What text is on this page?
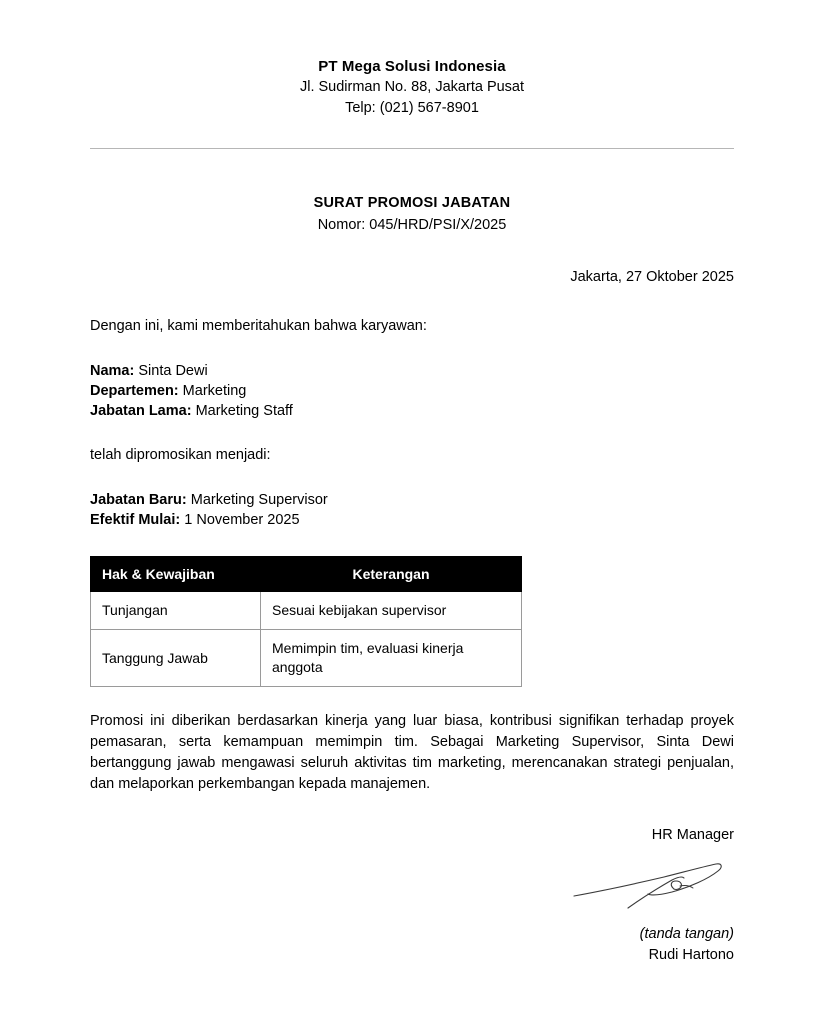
PT Mega Solusi Indonesia
Jl. Sudirman No. 88, Jakarta Pusat
Telp: (021) 567-8901
SURAT PROMOSI JABATAN
Nomor: 045/HRD/PSI/X/2025
Jakarta, 27 Oktober 2025
Dengan ini, kami memberitahukan bahwa karyawan:
Nama: Sinta Dewi
Departemen: Marketing
Jabatan Lama: Marketing Staff
telah dipromosikan menjadi:
Jabatan Baru: Marketing Supervisor
Efektif Mulai: 1 November 2025
Hak & Kewajiban	Keterangan
Tunjangan	Sesuai kebijakan supervisor
Tanggung Jawab	Memimpin tim, evaluasi kinerja anggota

Promosi ini diberikan berdasarkan kinerja yang luar biasa, kontribusi signifikan terhadap proyek pemasaran, serta kemampuan memimpin tim. Sebagai Marketing Supervisor, Sinta Dewi bertanggung jawab mengawasi seluruh aktivitas tim marketing, merencanakan strategi penjualan, dan melaporkan perkembangan kepada manajemen.

HR Manager
(tanda tangan)
Rudi Hartono
